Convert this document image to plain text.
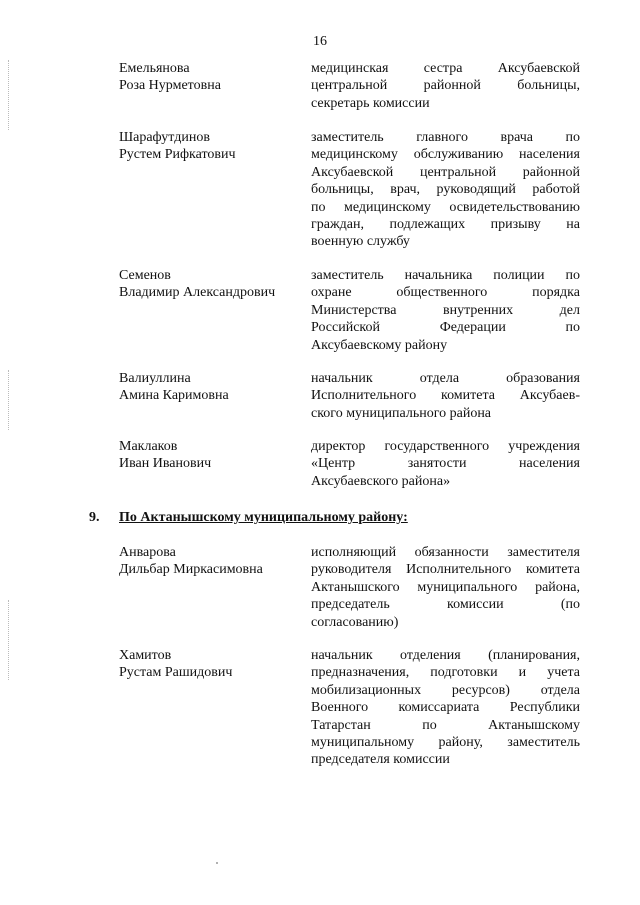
16
Емельянова
Роза Нурметовна
медицинская сестра Аксубаевской
центральной районной больницы,
секретарь комиссии
Шарафутдинов
Рустем Рифкатович
заместитель главного врача по
медицинскому обслуживанию населения
Аксубаевской центральной районной
больницы, врач, руководящий работой
по медицинскому освидетельствованию
граждан, подлежащих призыву на
военную службу
Семенов
Владимир Александрович
заместитель начальника полиции по
охране общественного порядка
Министерства внутренних дел
Российской Федерации по
Аксубаевскому району
Валиуллина
Амина Каримовна
начальник отдела образования
Исполнительного комитета Аксубаев-
ского муниципального района
Маклаков
Иван Иванович
директор государственного учреждения
«Центр занятости населения
Аксубаевского района»
9. По Актанышскому муниципальному району:
Анварова
Дильбар Миркасимовна
исполняющий обязанности заместителя
руководителя Исполнительного комитета
Актанышского муниципального района,
председатель комиссии (по
согласованию)
Хамитов
Рустам Рашидович
начальник отделения (планирования,
предназначения, подготовки и учета
мобилизационных ресурсов) отдела
Военного комиссариата Республики
Татарстан по Актанышскому
муниципальному району, заместитель
председателя комиссии
